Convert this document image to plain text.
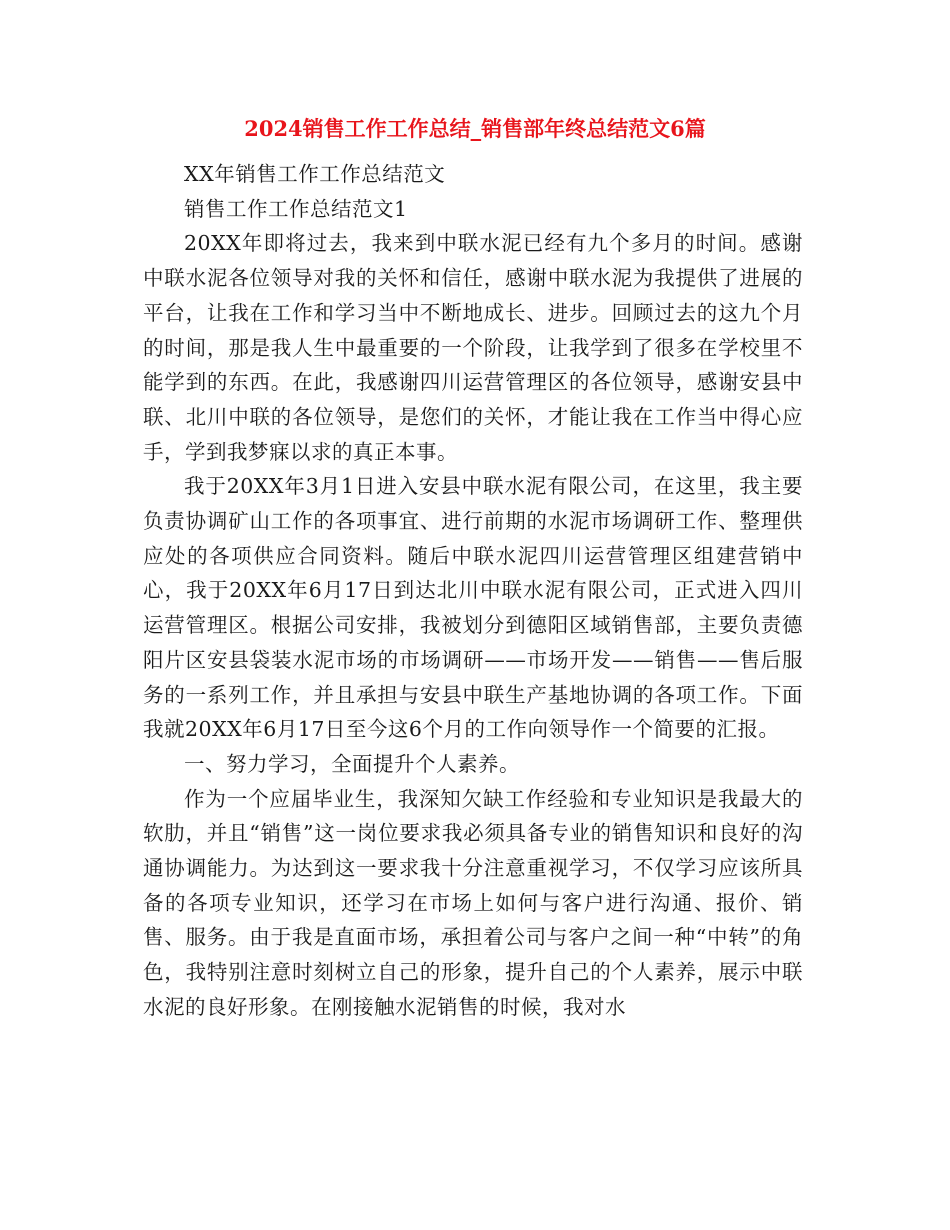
2024销售工作工作总结_销售部年终总结范文6篇

XX年销售工作工作总结范文

销售工作工作总结范文1

20XX年即将过去，我来到中联水泥已经有九个多月的时间。感谢中联水泥各位领导对我的关怀和信任，感谢中联水泥为我提供了进展的平台，让我在工作和学习当中不断地成长、进步。回顾过去的这九个月的时间，那是我人生中最重要的一个阶段，让我学到了很多在学校里不能学到的东西。在此，我感谢四川运营管理区的各位领导，感谢安县中联、北川中联的各位领导，是您们的关怀，才能让我在工作当中得心应手，学到我梦寐以求的真正本事。

我于20XX年3月1日进入安县中联水泥有限公司，在这里，我主要负责协调矿山工作的各项事宜、进行前期的水泥市场调研工作、整理供应处的各项供应合同资料。随后中联水泥四川运营管理区组建营销中心，我于20XX年6月17日到达北川中联水泥有限公司，正式进入四川运营管理区。根据公司安排，我被划分到德阳区域销售部，主要负责德阳片区安县袋装水泥市场的市场调研——市场开发——销售——售后服务的一系列工作，并且承担与安县中联生产基地协调的各项工作。下面我就20XX年6月17日至今这6个月的工作向领导作一个简要的汇报。

一、努力学习，全面提升个人素养。

作为一个应届毕业生，我深知欠缺工作经验和专业知识是我最大的软肋，并且“销售”这一岗位要求我必须具备专业的销售知识和良好的沟通协调能力。为达到这一要求我十分注意重视学习，不仅学习应该所具备的各项专业知识，还学习在市场上如何与客户进行沟通、报价、销售、服务。由于我是直面市场，承担着公司与客户之间一种“中转”的角色，我特别注意时刻树立自己的形象，提升自己的个人素养，展示中联水泥的良好形象。在刚接触水泥销售的时候，我对水
